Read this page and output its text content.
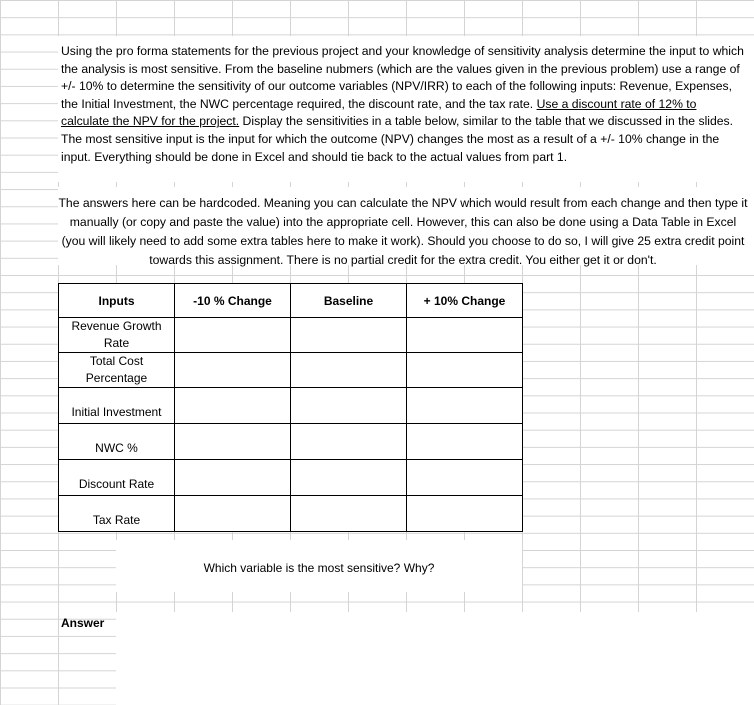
Using the pro forma statements for the previous project and your knowledge of sensitivity analysis determine the input to which the analysis is most sensitive. From the baseline nubmers (which are the values given in the previous problem) use a range of +/- 10% to determine the sensitivity of our outcome variables (NPV/IRR) to each of the following inputs: Revenue, Expenses, the Initial Investment, the NWC percentage required, the discount rate, and the tax rate. Use a discount rate of 12% to calculate the NPV for the project. Display the sensitivities in a table below, similar to the table that we discussed in the slides. The most sensitive input is the input for which the outcome (NPV) changes the most as a result of a +/- 10% change in the input. Everything should be done in Excel and should tie back to the actual values from part 1.
The answers here can be hardcoded. Meaning you can calculate the NPV which would result from each change and then type it manually (or copy and paste the value) into the appropriate cell. However, this can also be done using a Data Table in Excel (you will likely need to add some extra tables here to make it work). Should you choose to do so, I will give 25 extra credit point towards this assignment. There is no partial credit for the extra credit. You either get it or don't.
Inputs	-10 % Change	Baseline	+ 10% Change
Revenue Growth Rate			
Total Cost Percentage			
Initial Investment			
NWC %			
Discount Rate			
Tax Rate			
Which variable is the most sensitive? Why?
Answer
